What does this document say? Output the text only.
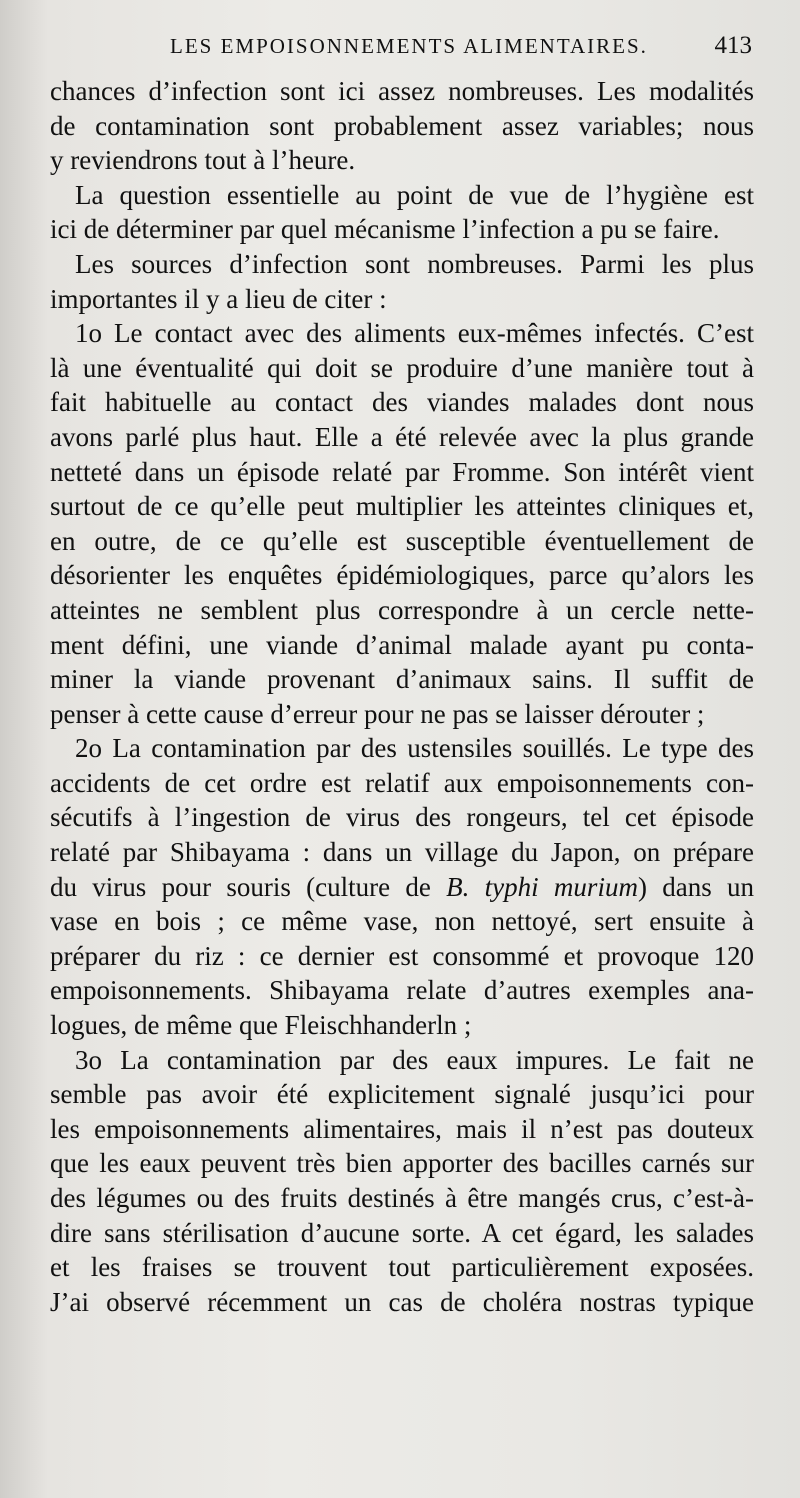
LES EMPOISONNEMENTS ALIMENTAIRES.	413
chances d’infection sont ici assez nombreuses. Les modalités
de contamination sont probablement assez variables; nous
y reviendrons tout à l’heure.
La question essentielle au point de vue de l’hygiène est
ici de déterminer par quel mécanisme l’infection a pu se faire.
Les sources d’infection sont nombreuses. Parmi les plus
importantes il y a lieu de citer :
1o Le contact avec des aliments eux-mêmes infectés. C’est
là une éventualité qui doit se produire d’une manière tout à
fait habituelle au contact des viandes malades dont nous
avons parlé plus haut. Elle a été relevée avec la plus grande
netteté dans un épisode relaté par Fromme. Son intérêt vient
surtout de ce qu’elle peut multiplier les atteintes cliniques et,
en outre, de ce qu’elle est susceptible éventuellement de
désorienter les enquêtes épidémiologiques, parce qu’alors les
atteintes ne semblent plus correspondre à un cercle nette-
ment défini, une viande d’animal malade ayant pu conta-
miner la viande provenant d’animaux sains. Il suffit de
penser à cette cause d’erreur pour ne pas se laisser dérouter ;
2o La contamination par des ustensiles souillés. Le type des
accidents de cet ordre est relatif aux empoisonnements con-
sécutifs à l’ingestion de virus des rongeurs, tel cet épisode
relaté par Shibayama : dans un village du Japon, on prépare
du virus pour souris (culture de B. typhi murium) dans un
vase en bois ; ce même vase, non nettoyé, sert ensuite à
préparer du riz : ce dernier est consommé et provoque 120
empoisonnements. Shibayama relate d’autres exemples ana-
logues, de même que Fleischhanderln ;
3o La contamination par des eaux impures. Le fait ne
semble pas avoir été explicitement signalé jusqu’ici pour
les empoisonnements alimentaires, mais il n’est pas douteux
que les eaux peuvent très bien apporter des bacilles carnés sur
des légumes ou des fruits destinés à être mangés crus, c’est-à-
dire sans stérilisation d’aucune sorte. A cet égard, les salades
et les fraises se trouvent tout particulièrement exposées.
J’ai observé récemment un cas de choléra nostras typique
